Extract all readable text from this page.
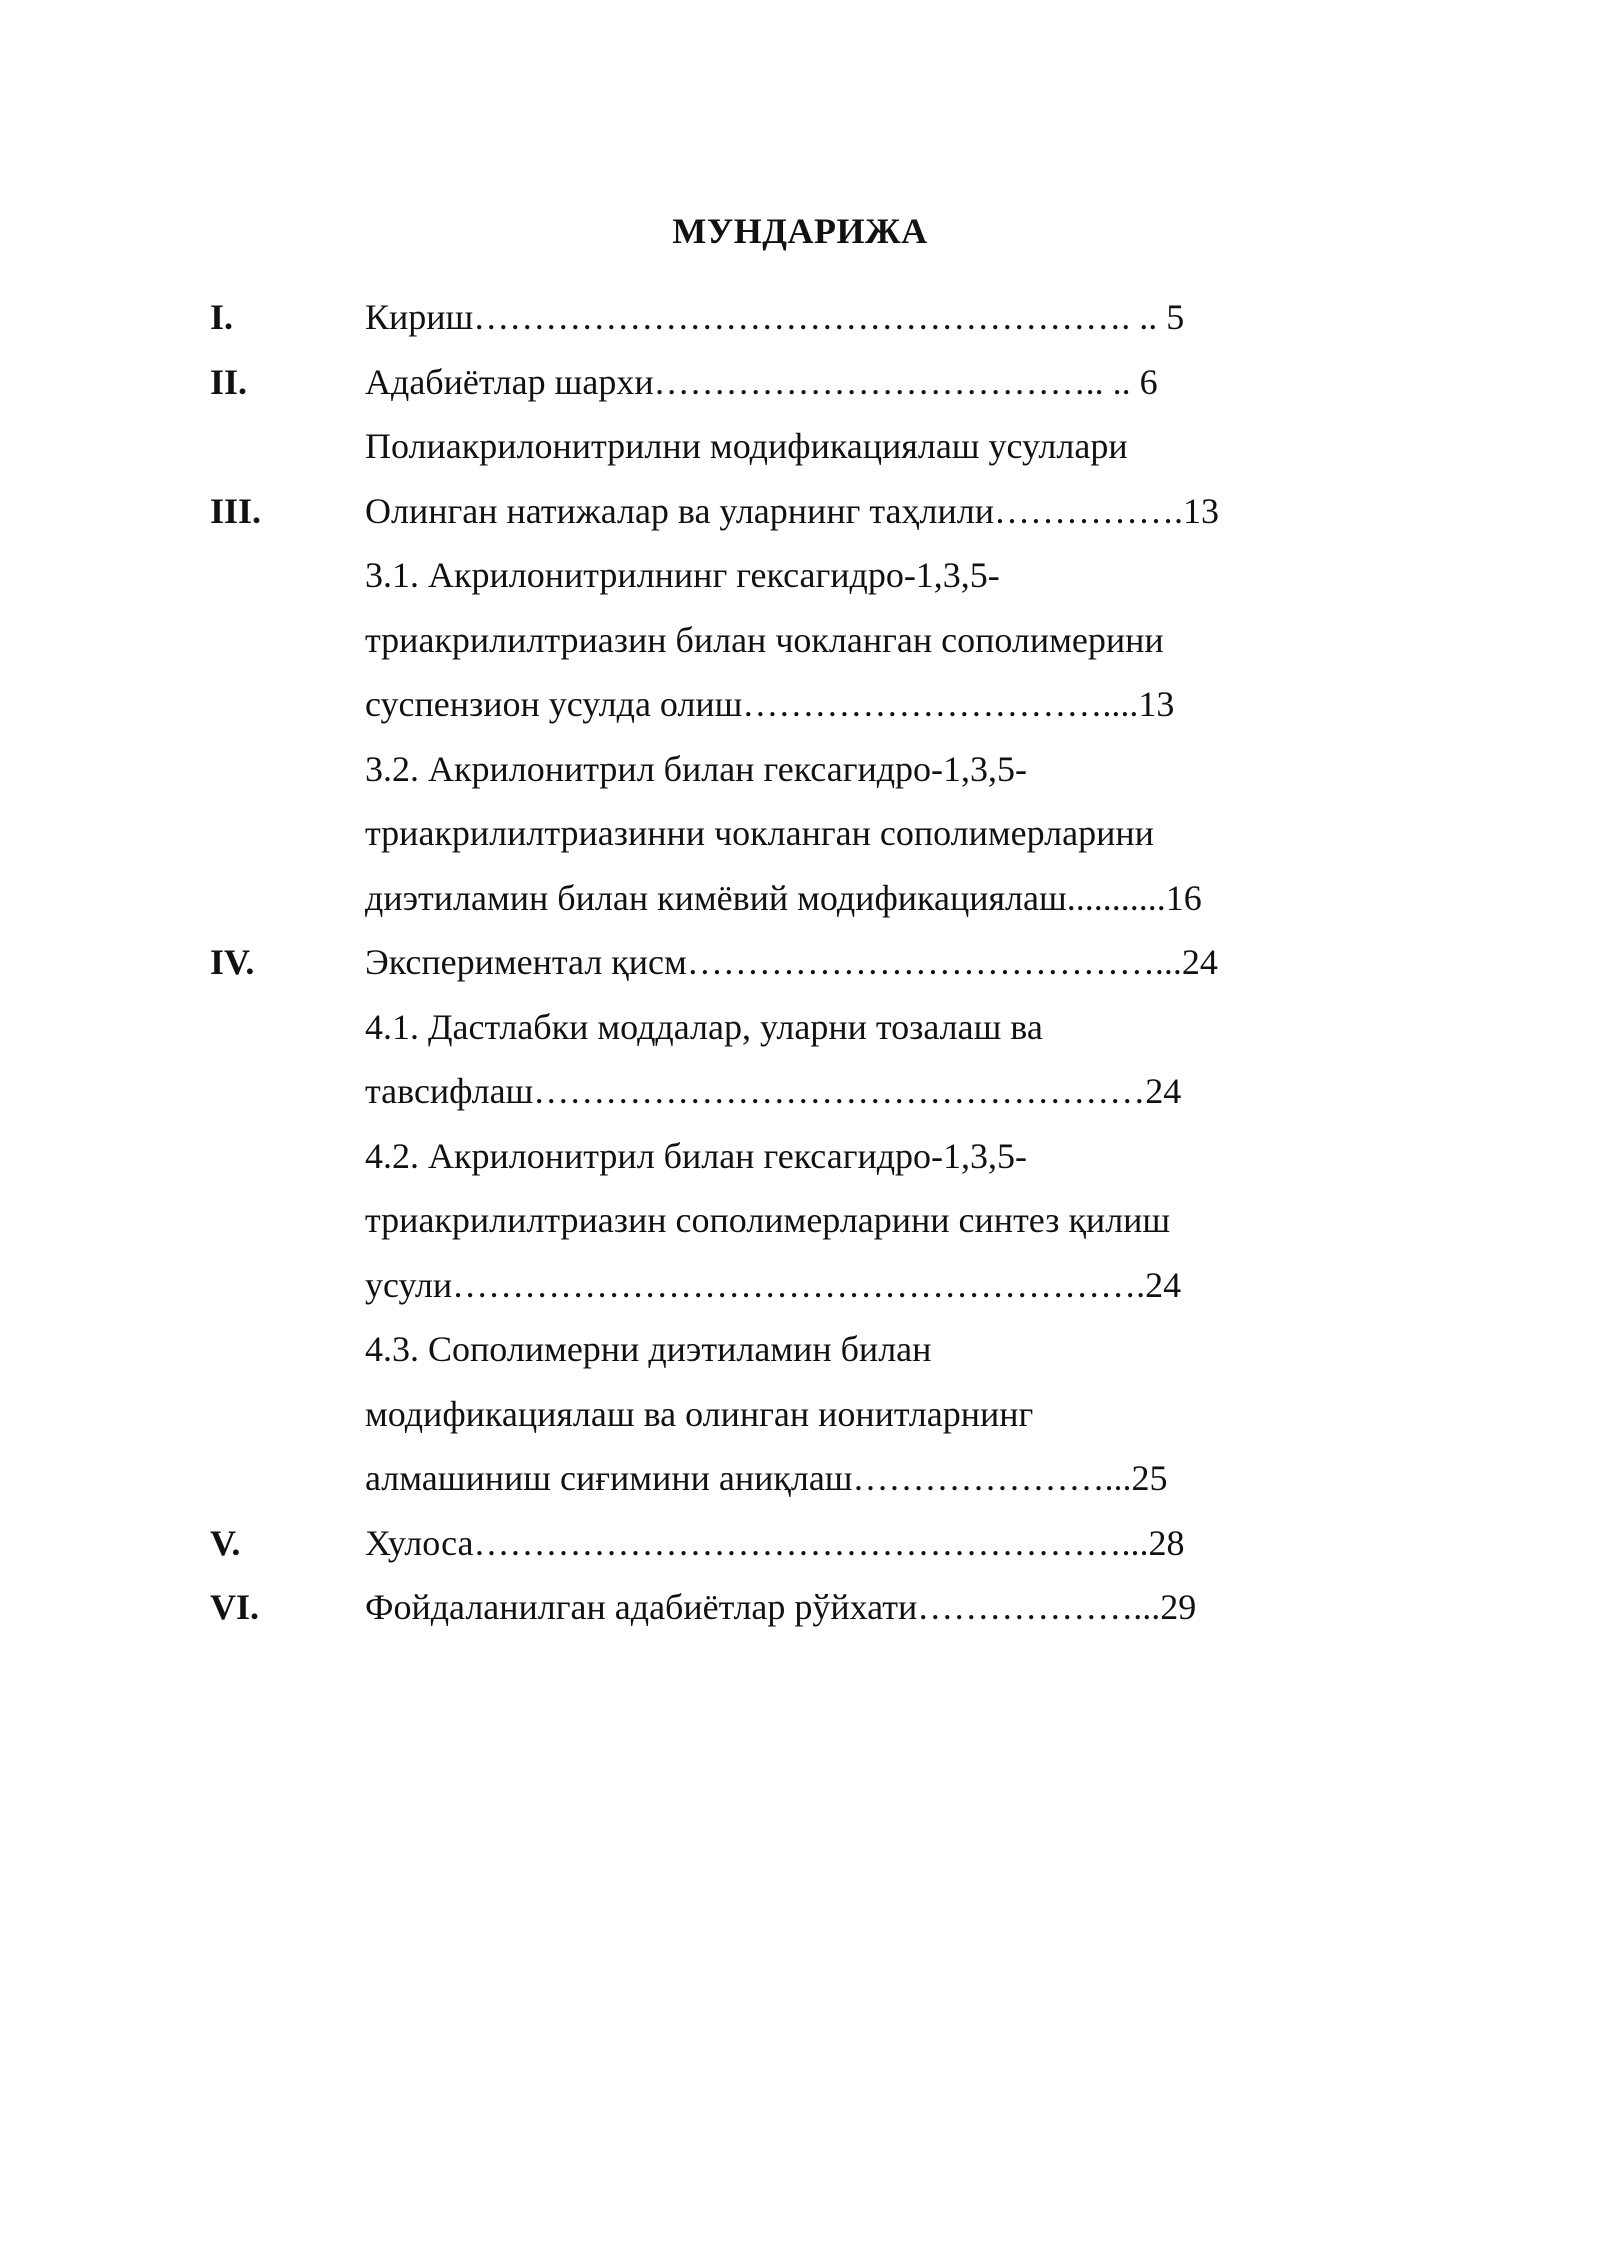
МУНДАРИЖА
I.	Кириш………………………………………………. .. 5
II.	Адабиётлар шархи……………………………….. .. 6
Полиакрилонитрилни модификациялаш усуллари
III.	Олинган натижалар ва уларнинг таҳлили…………….13
3.1. Акрилонитрилнинг гексагидро-1,3,5-
триакрилилтриазин билан чокланган сополимерини
суспензион усулда олиш…………………………....13
3.2. Акрилонитрил билан гексагидро-1,3,5-
триакрилилтриазинни чокланган сополимерларини
диэтиламин билан кимёвий модификациялаш...........16
IV.	Экспериментал қисм…………………………………...24
4.1. Дастлабки моддалар, уларни тозалаш ва
тавсифлаш……………………………………………24
4.2. Акрилонитрил билан гексагидро-1,3,5-
триакрилилтриазин сополимерларини синтез қилиш
усули………………………………………………….24
4.3. Сополимерни диэтиламин билан
модификациялаш ва олинган ионитларнинг
алмашиниш сиғимини аниқлаш…………………...25
V.	Хулоса………………………………………………...28
VI.	Фойдаланилган адабиётлар рўйхати………………...29
